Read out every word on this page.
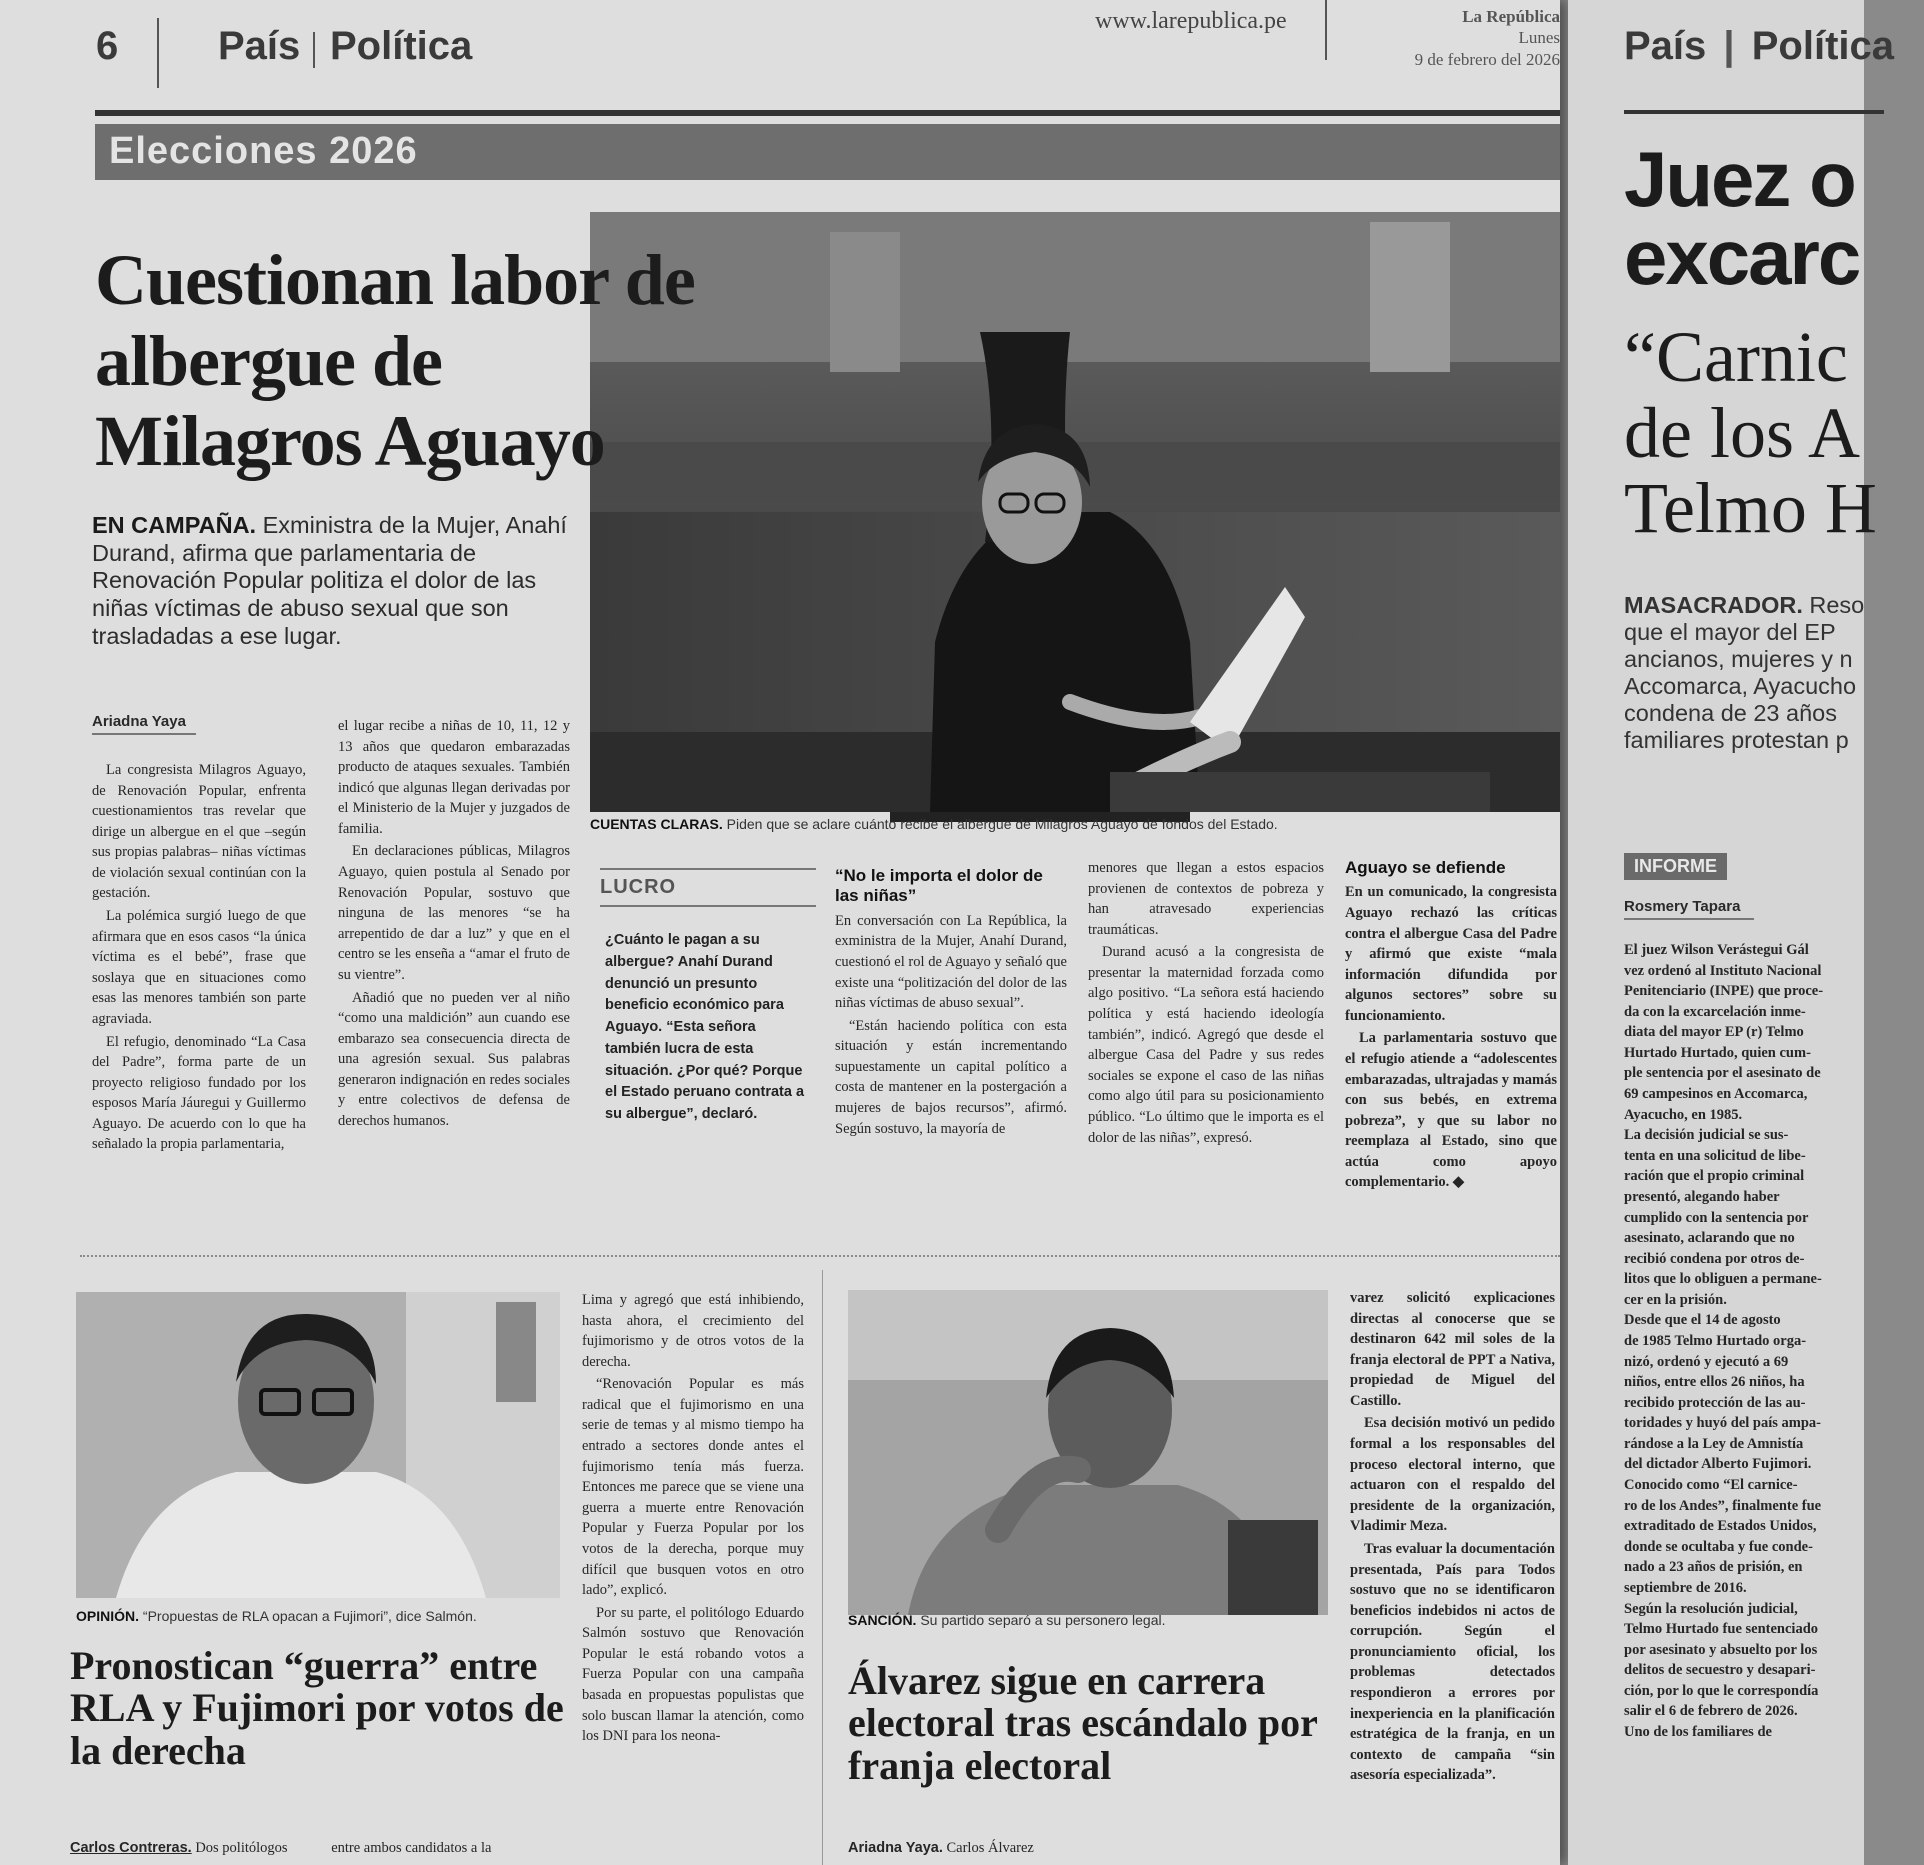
6 País Política
www.larepublica.pe	La República
Lunes
9 de febrero del 2026
Elecciones 2026
Cuestionan labor de albergue de Milagros Aguayo
EN CAMPAÑA. Exministra de la Mujer, Anahí Durand, afirma que parlamentaria de Renovación Popular politiza el dolor de las niñas víctimas de abuso sexual que son trasladadas a ese lugar.
CUENTAS CLARAS. Piden que se aclare cuánto recibe el albergue de Milagros Aguayo de fondos del Estado.
Ariadna Yaya

La congresista Milagros Aguayo, de Renovación Popular, enfrenta cuestionamientos tras revelar que dirige un albergue en el que –según sus propias palabras– niñas víctimas de violación sexual continúan con la gestación.

La polémica surgió luego de que afirmara que en esos casos “la única víctima es el bebé”, frase que soslaya que en situaciones como esas las menores también son parte agraviada.

El refugio, denominado “La Casa del Padre”, forma parte de un proyecto religioso fundado por los esposos María Jáuregui y Guillermo Aguayo. De acuerdo con lo que ha señalado la propia parlamentaria,

el lugar recibe a niñas de 10, 11, 12 y 13 años que quedaron embarazadas producto de ataques sexuales. También indicó que algunas llegan derivadas por el Ministerio de la Mujer y juzgados de familia.

En declaraciones públicas, Milagros Aguayo, quien postula al Senado por Renovación Popular, sostuvo que ninguna de las menores “se ha arrepentido de dar a luz” y que en el centro se les enseña a “amar el fruto de su vientre”.

Añadió que no pueden ver al niño “como una maldición” aun cuando ese embarazo sea consecuencia directa de una agresión sexual. Sus palabras generaron indignación en redes sociales y entre colectivos de defensa de derechos humanos.

LUCRO
¿Cuánto le pagan a su albergue? Anahí Durand denunció un presunto beneficio económico para Aguayo. “Esta señora también lucra de esta situación. ¿Por qué? Porque el Estado peruano contrata a su albergue”, declaró.
“No le importa el dolor de las niñas”

En conversación con La República, la exministra de la Mujer, Anahí Durand, cuestionó el rol de Aguayo y señaló que existe una “politización del dolor de las niñas víctimas de abuso sexual”.

“Están haciendo política con esta situación y están incrementando supuestamente un capital político a costa de mantener en la postergación a mujeres de bajos recursos”, afirmó. Según sostuvo, la mayoría de

menores que llegan a estos espacios provienen de contextos de pobreza y han atravesado experiencias traumáticas.

Durand acusó a la congresista de presentar la maternidad forzada como algo positivo. “La señora está haciendo política y está haciendo ideología también”, indicó. Agregó que desde el albergue Casa del Padre y sus redes sociales se expone el caso de las niñas como algo útil para su posicionamiento público. “Lo último que le importa es el dolor de las niñas”, expresó.

Aguayo se defiende

En un comunicado, la congresista Aguayo rechazó las críticas contra el albergue Casa del Padre y afirmó que existe “mala información difundida por algunos sectores” sobre su funcionamiento.

La parlamentaria sostuvo que el refugio atiende a “adolescentes embarazadas, ultrajadas y mamás con sus bebés, en extrema pobreza”, y que su labor no reemplaza al Estado, sino que actúa como apoyo complementario. ◆

OPINIÓN. “Propuestas de RLA opacan a Fujimori”, dice Salmón.
Pronostican “guerra” entre RLA y Fujimori por votos de la derecha
Carlos Contreras. Dos politólogos	entre ambos candidatos a la

Lima y agregó que está inhibiendo, hasta ahora, el crecimiento del fujimorismo y de otros votos de la derecha.

“Renovación Popular es más radical que el fujimorismo en una serie de temas y al mismo tiempo ha entrado a sectores donde antes el fujimorismo tenía más fuerza. Entonces me parece que se viene una guerra a muerte entre Renovación Popular y Fuerza Popular por los votos de la derecha, porque muy difícil que busquen votos en otro lado”, explicó.

Por su parte, el politólogo Eduardo Salmón sostuvo que Renovación Popular le está robando votos a Fuerza Popular con una campaña basada en propuestas populistas que solo buscan llamar la atención, como los DNI para los neona-

SANCIÓN. Su partido separó a su personero legal.
Álvarez sigue en carrera electoral tras escándalo por franja electoral
Ariadna Yaya. Carlos Álvarez

varez solicitó explicaciones directas al conocerse que se destinaron 642 mil soles de la franja electoral de PPT a Nativa, propiedad de Miguel del Castillo.

Esa decisión motivó un pedido formal a los responsables del proceso electoral interno, que actuaron con el respaldo del presidente de la organización, Vladimir Meza.

Tras evaluar la documentación presentada, País para Todos sostuvo que no se identificaron beneficios indebidos ni actos de corrupción. Según el pronunciamiento oficial, los problemas detectados respondieron a errores por inexperiencia en la planificación estratégica de la franja, en un contexto de campaña “sin asesoría especializada”.

País | Política
Juez o
excarc
“Carnic
de los A
Telmo H
MASACRADOR. Reso
que el mayor del EP
ancianos, mujeres y n
Accomarca, Ayacucho
condena de 23 años
familiares protestan p
INFORME
Rosmery Tapara
El juez Wilson Verástegui Gál
vez ordenó al Instituto Nacional
Penitenciario (INPE) que proce-
da con la excarcelación inme-
diata del mayor EP (r) Telmo
Hurtado Hurtado, quien cum-
ple sentencia por el asesinato de
69 campesinos en Accomarca,
Ayacucho, en 1985.
La decisión judicial se sus-
tenta en una solicitud de libe-
ración que el propio criminal
presentó, alegando haber
cumplido con la sentencia por
asesinato, aclarando que no
recibió condena por otros de-
litos que lo obliguen a permane-
cer en la prisión.
Desde que el 14 de agosto
de 1985 Telmo Hurtado orga-
nizó, ordenó y ejecutó a 69
niños, entre ellos 26 niños, ha
recibido protección de las au-
toridades y huyó del país ampa-
rándose a la Ley de Amnistía
del dictador Alberto Fujimori.
Conocido como “El carnice-
ro de los Andes”, finalmente fue
extraditado de Estados Unidos,
donde se ocultaba y fue conde-
nado a 23 años de prisión, en
septiembre de 2016.
Según la resolución judicial,
Telmo Hurtado fue sentenciado
por asesinato y absuelto por los
delitos de secuestro y desapari-
ción, por lo que le correspondía
salir el 6 de febrero de 2026.
Uno de los familiares de
